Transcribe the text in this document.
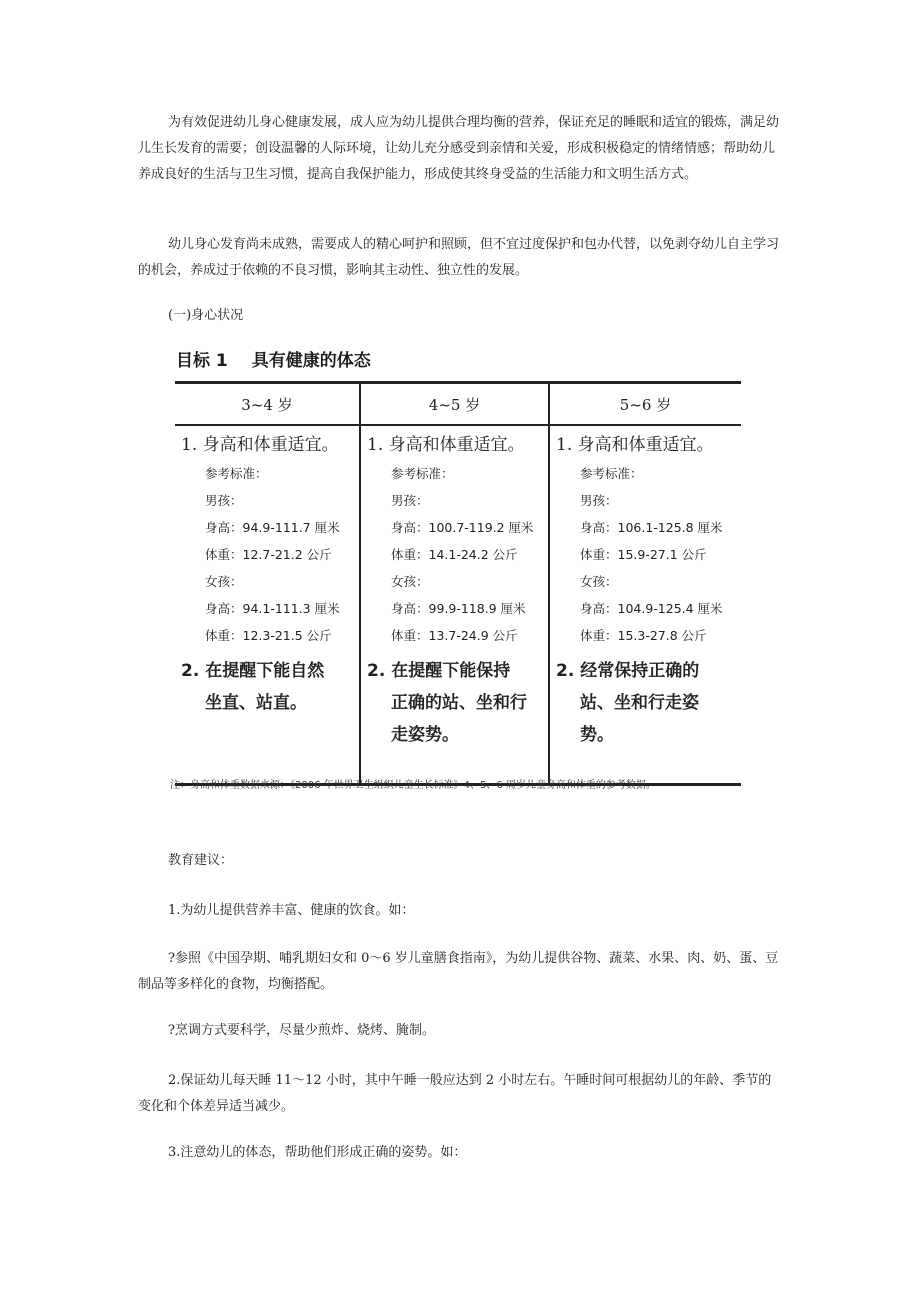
为有效促进幼儿身心健康发展，成人应为幼儿提供合理均衡的营养，保证充足的睡眠和适宜的锻炼，满足幼儿生长发育的需要；创设温馨的人际环境，让幼儿充分感受到亲情和关爱，形成积极稳定的情绪情感；帮助幼儿养成良好的生活与卫生习惯，提高自我保护能力，形成使其终身受益的生活能力和文明生活方式。
幼儿身心发育尚未成熟，需要成人的精心呵护和照顾，但不宜过度保护和包办代替，以免剥夺幼儿自主学习的机会，养成过于依赖的不良习惯，影响其主动性、独立性的发展。
(一)身心状况
目标 1 具有健康的体态
3~4 岁	4~5 岁	5~6 岁
1. 身高和体重适宜。
参考标准：
男孩：
身高：94.9-111.7 厘米
体重：12.7-21.2 公斤
女孩：
身高：94.1-111.3 厘米
体重：12.3-21.5 公斤
2. 在提醒下能自然
坐直、站直。
1. 身高和体重适宜。
参考标准：
男孩：
身高：100.7-119.2 厘米
体重：14.1-24.2 公斤
女孩：
身高：99.9-118.9 厘米
体重：13.7-24.9 公斤
2. 在提醒下能保持
正确的站、坐和行
走姿势。
1. 身高和体重适宜。
参考标准：
男孩：
身高：106.1-125.8 厘米
体重：15.9-27.1 公斤
女孩：
身高：104.9-125.4 厘米
体重：15.3-27.8 公斤
2. 经常保持正确的
站、坐和行走姿
势。
注：身高和体重数据来源：《2006 年世界卫生组织儿童生长标准》4、5、6 周岁儿童身高和体重的参考数据。
教育建议：
1.为幼儿提供营养丰富、健康的饮食。如：
?参照《中国孕期、哺乳期妇女和 0～6 岁儿童膳食指南》，为幼儿提供谷物、蔬菜、水果、肉、奶、蛋、豆制品等多样化的食物，均衡搭配。
?烹调方式要科学，尽量少煎炸、烧烤、腌制。
2.保证幼儿每天睡 11～12 小时，其中午睡一般应达到 2 小时左右。午睡时间可根据幼儿的年龄、季节的变化和个体差异适当减少。
3.注意幼儿的体态，帮助他们形成正确的姿势。如：
